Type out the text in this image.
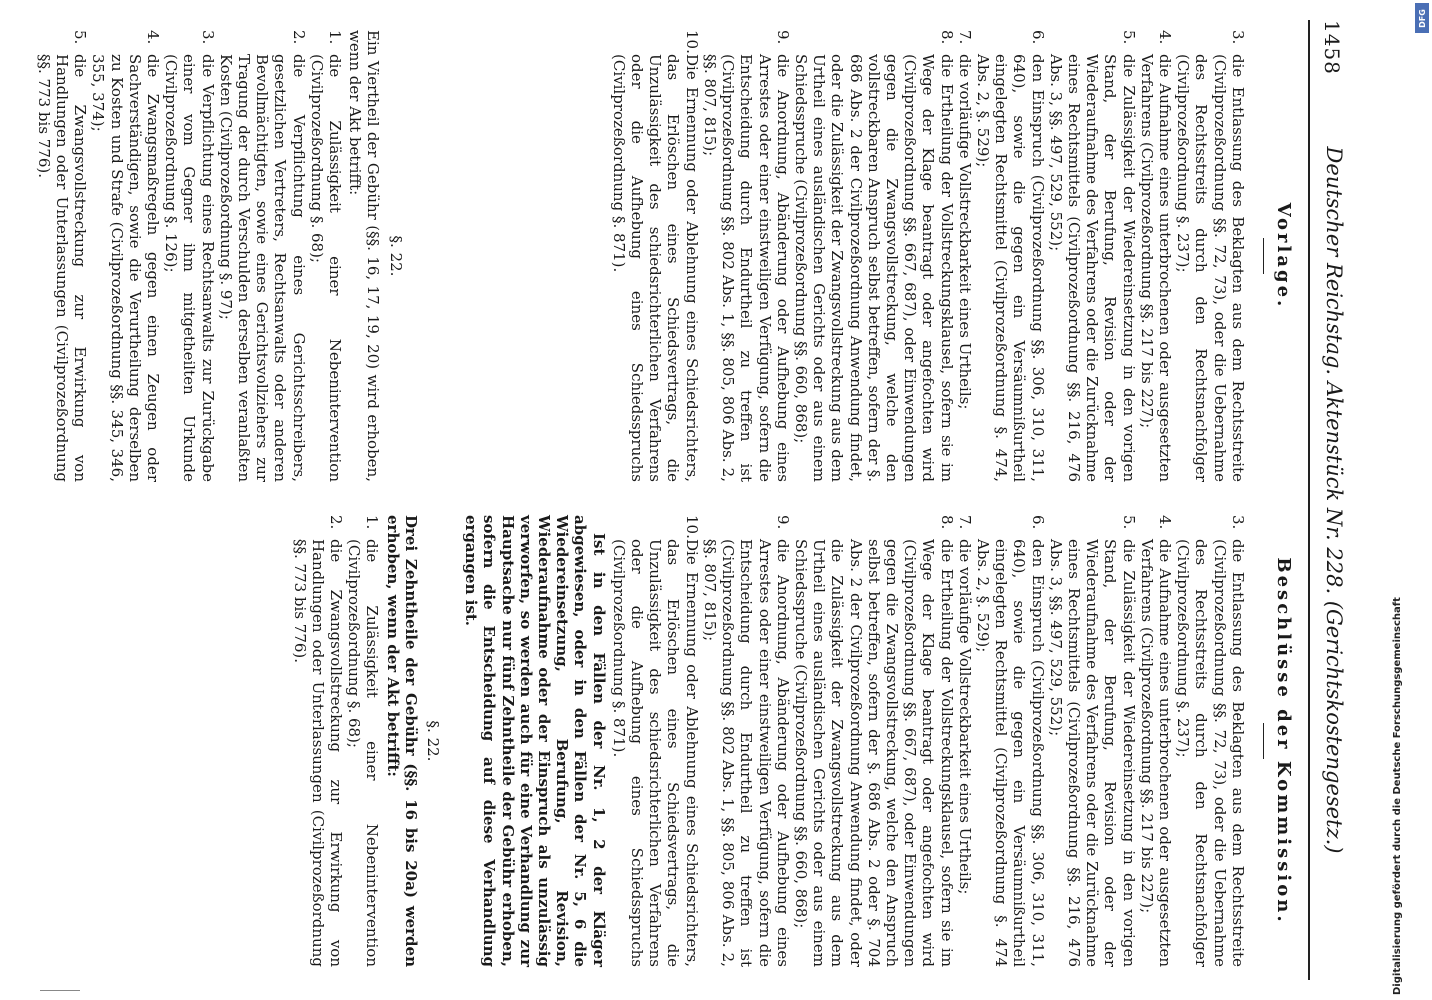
1458
Deutscher Reichstag. Aktenstück Nr. 228. (Gerichtskostengesetz.)
Vorlage.
3.
die Entlassung des Beklagten aus dem Rechtsstreite (Civilprozeßordnung §§. 72, 73), oder die Uebernahme des Rechtsstreits durch den Rechtsnachfolger (Civilprozeßordnung §. 237);
4.
die Aufnahme eines unterbrochenen oder ausgesetzten Verfahrens (Civilprozeßordnung §§. 217 bis 227);
5.
die Zulässigkeit der Wiedereinsetzung in den vorigen Stand, der Berufung, Revision oder der Wiederaufnahme des Verfahrens oder die Zurücknahme eines Rechtsmittels (Civilprozeßordnung §§. 216, 476 Abs. 3, §§. 497, 529, 552);
6.
den Einspruch (Civilprozeßordnung §§. 306, 310, 311, 640), sowie die gegen ein Versäumnißurtheil eingelegten Rechtsmittel (Civilprozeßordnung §. 474, Abs. 2, §. 529);
7.
die vorläufige Vollstreckbarkeit eines Urtheils;
8.
die Ertheilung der Vollstreckungsklausel, sofern sie im Wege der Klage beantragt oder angefochten wird (Civilprozeßordnung §§. 667, 687), oder Einwendungen gegen die Zwangsvollstreckung, welche den vollstreckbaren Anspruch selbst betreffen, sofern der §. 686 Abs. 2 der Civilprozeßordnung Anwendung findet, oder die Zulässigkeit der Zwangsvollstreckung aus dem Urtheil eines ausländischen Gerichts oder aus einem Schiedsspruche (Civilprozeßordnung §§. 660, 868);
9.
die Anordnung, Abänderung oder Aufhebung eines Arrestes oder einer einstweiligen Verfügung, sofern die Entscheidung durch Endurtheil zu treffen ist (Civilprozeßordnung §§. 802 Abs. 1, §§. 805, 806 Abs. 2, §§. 807, 815);
10.
Die Ernennung oder Ablehnung eines Schiedsrichters, das Erlöschen eines Schiedsvertrags, die Unzulässigkeit des schiedsrichterlichen Verfahrens oder die Aufhebung eines Schiedsspruchs (Civilprozeßordnung §. 871).
§. 22.

Ein Viertheil der Gebühr (§§. 16, 17, 19, 20) wird erhoben, wenn der Akt betrifft:

1.
die Zulässigkeit einer Nebenintervention (Civilprozeßordnung §. 68);
2.
die Verpflichtung eines Gerichtsschreibers, gesetzlichen Vertreters, Rechtsanwalts oder anderen Bevollmächtigten, sowie eines Gerichtsvollziehers zur Tragung der durch Verschulden derselben veranlaßten Kosten (Civilprozeßordnung §. 97);
3.
die Verpflichtung eines Rechtsanwalts zur Zurückgabe einer vom Gegner ihm mitgetheilten Urkunde (Civilprozeßordnung §. 126);
4.
die Zwangsmaßregeln gegen einen Zeugen oder Sachverständigen, sowie die Verurtheilung derselben zu Kosten und Strafe (Civilprozeßordnung §§. 345, 346, 355, 374);
5.
die Zwangsvollstreckung zur Erwirkung von Handlungen oder Unterlassungen (Civilprozeßordnung §§. 773 bis 776).
Beschlüsse der Kommission.
3.
die Entlassung des Beklagten aus dem Rechtsstreite (Civilprozeßordnung §§. 72, 73), oder die Uebernahme des Rechtsstreits durch den Rechtsnachfolger (Civilprozeßordnung §. 237);
4.
die Aufnahme eines unterbrochenen oder ausgesetzten Verfahrens (Civilprozeßordnung §§. 217 bis 227);
5.
die Zulässigkeit der Wiedereinsetzung in den vorigen Stand, der Berufung, Revision oder der Wiederaufnahme des Verfahrens oder die Zurücknahme eines Rechtsmittels (Civilprozeßordnung §§. 216, 476 Abs. 3, §§. 497, 529, 552);
6.
den Einspruch (Civilprozeßordnung §§. 306, 310, 311, 640), sowie die gegen ein Versäumnißurtheil eingelegten Rechtsmittel (Civilprozeßordnung §. 474 Abs. 2, §. 529);
7.
die vorläufige Vollstreckbarkeit eines Urtheils;
8.
die Ertheilung der Vollstreckungsklausel, sofern sie im Wege der Klage beantragt oder angefochten wird (Civilprozeßordnung §§. 667, 687), oder Einwendungen gegen die Zwangsvollstreckung, welche den Anspruch selbst betreffen, sofern der §. 686 Abs. 2 oder §. 704 Abs. 2 der Civilprozeßordnung Anwendung findet, oder die Zulässigkeit der Zwangsvollstreckung aus dem Urtheil eines ausländischen Gerichts oder aus einem Schiedsspruche (Civilprozeßordnung §§. 660, 868);
9.
die Anordnung, Abänderung oder Aufhebung eines Arrestes oder einer einstweiligen Verfügung, sofern die Entscheidung durch Endurtheil zu treffen ist (Civilprozeßordnung §§. 802 Abs. 1, §§. 805, 806 Abs. 2, §§. 807, 815);
10.
Die Ernennung oder Ablehnung eines Schiedsrichters, das Erlöschen eines Schiedsvertrags, die Unzulässigkeit des schiedsrichterlichen Verfahrens oder die Aufhebung eines Schiedsspruchs (Civilprozeßordnung §. 871).

Ist in den Fällen der Nr. 1, 2 der Kläger abgewiesen, oder in den Fällen der Nr. 5, 6 die Wiedereinsetzung, Berufung, Revision, Wiederaufnahme oder der Einspruch als unzulässig verworfen, so werden auch für eine Verhandlung zur Hauptsache nur fünf Zehntheile der Gebühr erhoben, sofern die Entscheidung auf diese Verhandlung ergangen ist.

§. 22.

Drei Zehntheile der Gebühr (§§. 16 bis 20a) werden erhoben, wenn der Akt betrifft:

1.
die Zulässigkeit einer Nebenintervention (Civilprozeßordnung §. 68);
2.
die Zwangsvollstreckung zur Erwirkung von Handlungen oder Unterlassungen (Civilprozeßordnung §§. 773 bis 776).
DFG
Digitalisierung gefördert durch die Deutsche Forschungsgemeinschaft
